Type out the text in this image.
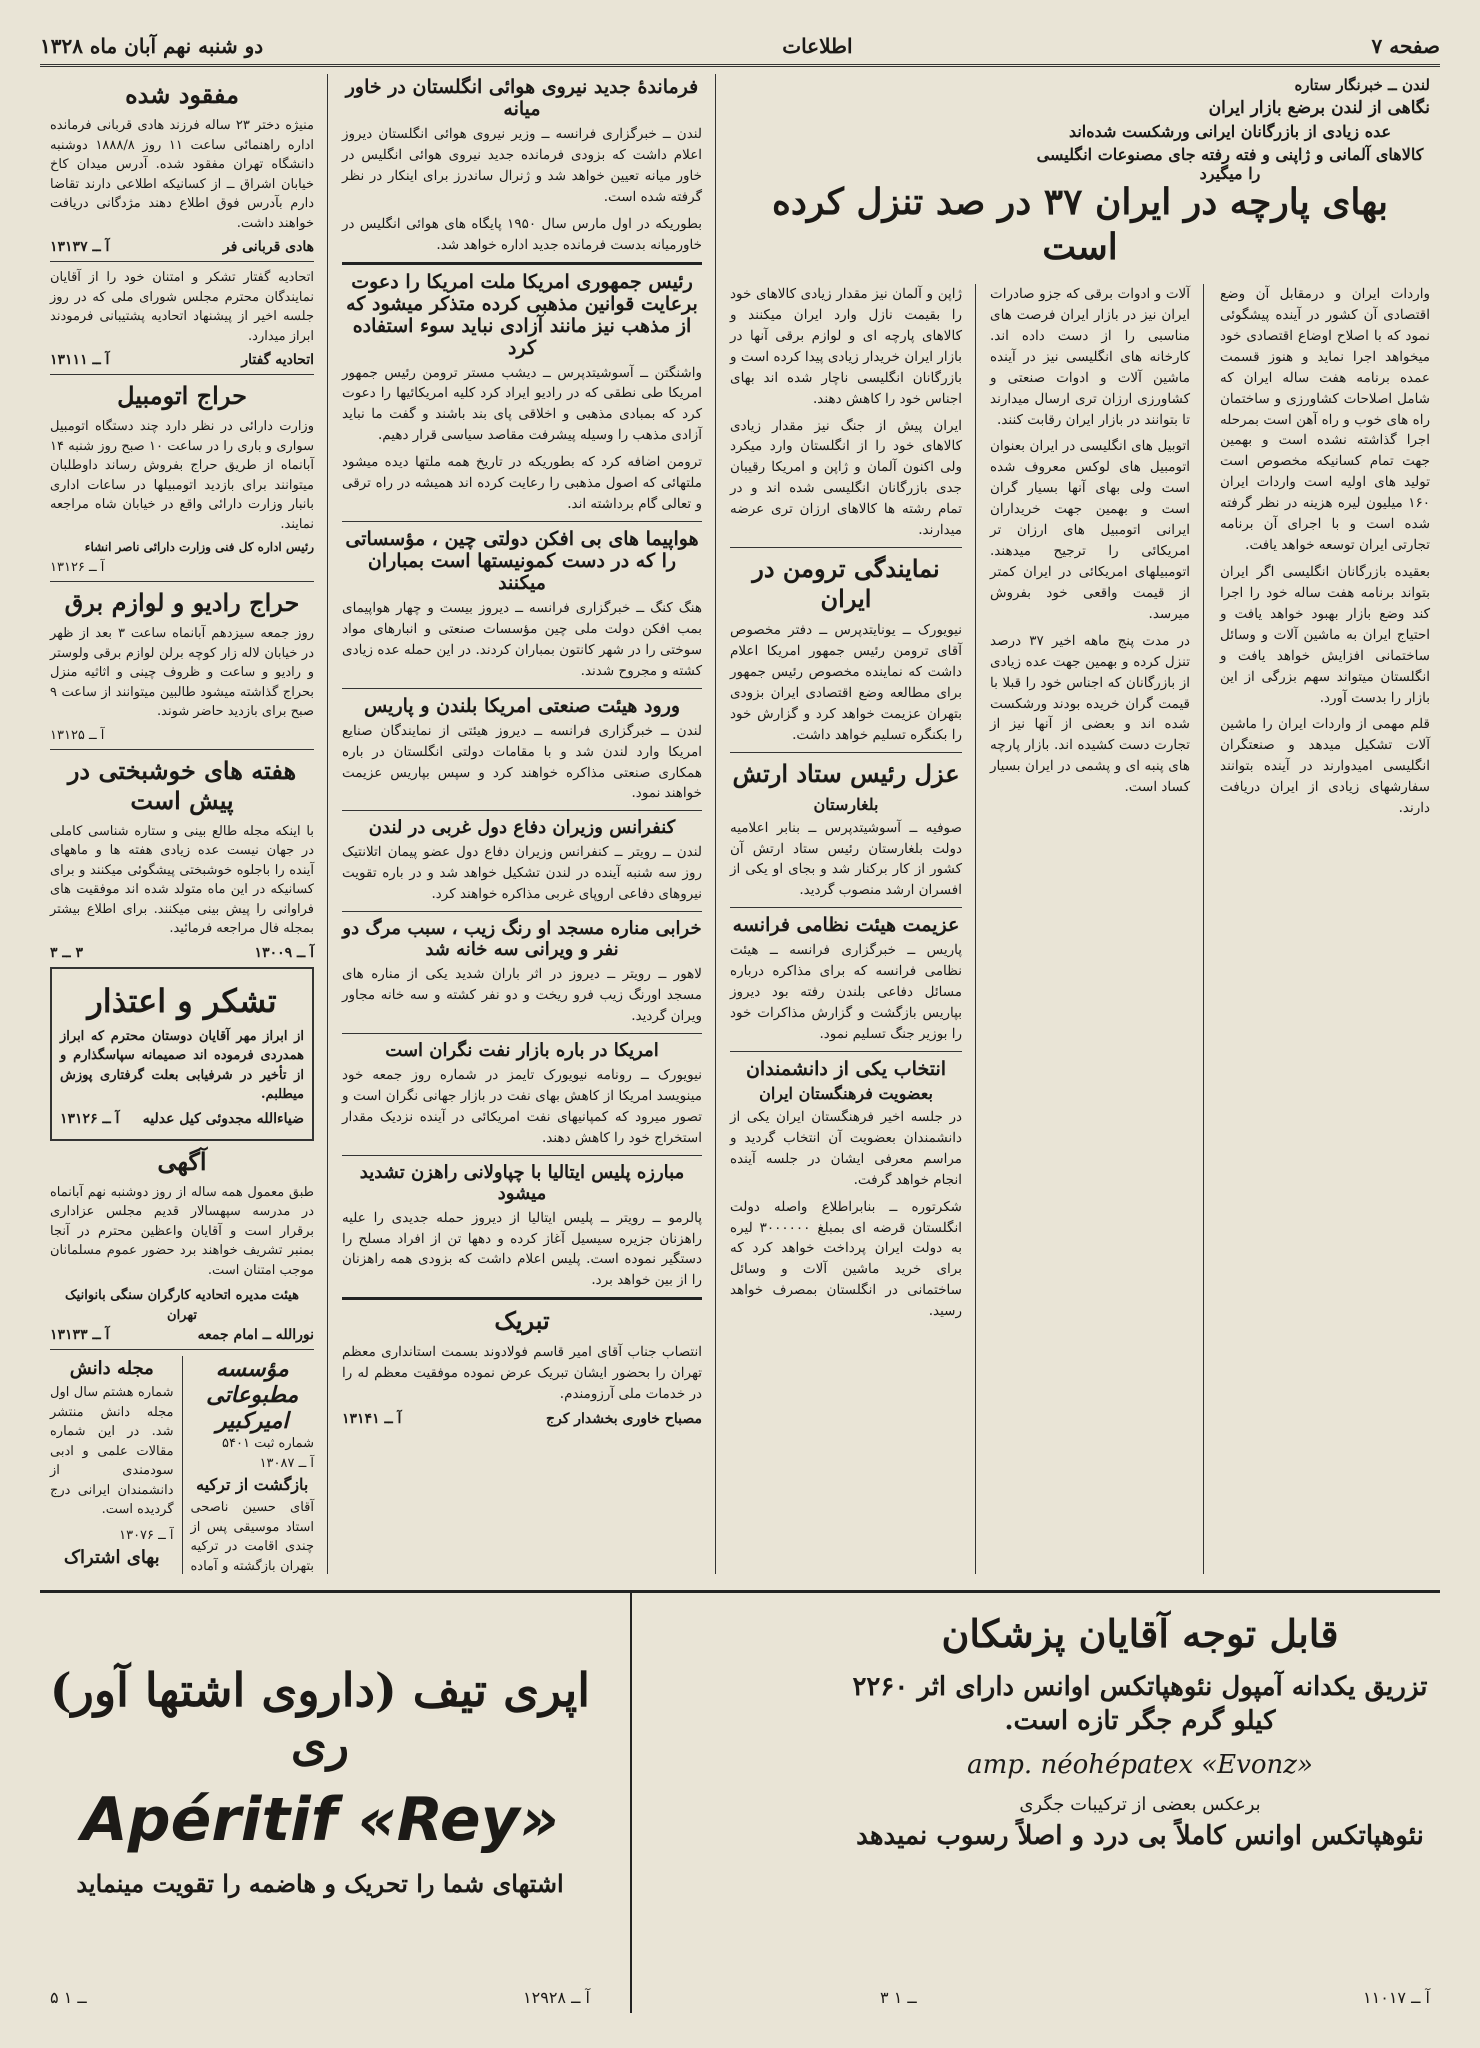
صفحه ۷
اطلاعات
دو شنبه نهم آبان ماه ۱۳۲۸
لندن ــ خبرنگار ستاره
نگاهی از لندن برضع بازار ایران
عده زیادی از بازرگانان ایرانی ورشکست شده‌اند
کالاهای آلمانی و ژاپنی و فته رفته جای مصنوعات انگلیسی را میگیرد
بهای پارچه در ایران ۳۷ در صد تنزل کرده است

واردات ایران و درمقابل آن وضع اقتصادی آن کشور در آینده پیشگوئی نمود که با اصلاح اوضاع اقتصادی خود میخواهد اجرا نماید و هنوز قسمت عمده برنامه هفت ساله ایران که شامل اصلاحات کشاورزی و ساختمان راه های خوب و راه آهن است بمرحله اجرا گذاشته نشده است و بهمین جهت تمام کسانیکه مخصوص است تولید های اولیه است واردات ایران ۱۶۰ میلیون لیره هزینه در نظر گرفته شده است و با اجرای آن برنامه تجارتی ایران توسعه خواهد یافت.

بعقیده بازرگانان انگلیسی اگر ایران بتواند برنامه هفت ساله خود را اجرا کند وضع بازار بهبود خواهد یافت و احتیاج ایران به ماشین آلات و وسائل ساختمانی افزایش خواهد یافت و انگلستان میتواند سهم بزرگی از این بازار را بدست آورد.

قلم مهمی از واردات ایران را ماشین آلات تشکیل میدهد و صنعتگران انگلیسی امیدوارند در آینده بتوانند سفارشهای زیادی از ایران دریافت دارند.

آلات و ادوات برقی که جزو صادرات ایران نیز در بازار ایران فرصت های مناسبی را از دست داده اند. کارخانه های انگلیسی نیز در آینده ماشین آلات و ادوات صنعتی و کشاورزی ارزان تری ارسال میدارند تا بتوانند در بازار ایران رقابت کنند.

اتوبیل های انگلیسی در ایران بعنوان اتومبیل های لوکس معروف شده است ولی بهای آنها بسیار گران است و بهمین جهت خریداران ایرانی اتومبیل های ارزان تر امریکائی را ترجیح میدهند. اتومبیلهای امریکائی در ایران کمتر از قیمت واقعی خود بفروش میرسد.

در مدت پنج ماهه اخیر ۳۷ درصد تنزل کرده و بهمین جهت عده زیادی از بازرگانان که اجناس خود را قبلا با قیمت گران خریده بودند ورشکست شده اند و بعضی از آنها نیز از تجارت دست کشیده اند. بازار پارچه های پنبه ای و پشمی در ایران بسیار کساد است.

ژاپن و آلمان نیز مقدار زیادی کالاهای خود را بقیمت نازل وارد ایران میکنند و کالاهای پارچه ای و لوازم برقی آنها در بازار ایران خریدار زیادی پیدا کرده است و بازرگانان انگلیسی ناچار شده اند بهای اجناس خود را کاهش دهند.

ایران پیش از جنگ نیز مقدار زیادی کالاهای خود را از انگلستان وارد میکرد ولی اکنون آلمان و ژاپن و امریکا رقیبان جدی بازرگانان انگلیسی شده اند و در تمام رشته ها کالاهای ارزان تری عرضه میدارند.

نمایندگی ترومن در ایران

نیویورک ــ یونایتدپرس ــ دفتر مخصوص آقای ترومن رئیس جمهور امریکا اعلام داشت که نماینده مخصوص رئیس جمهور برای مطالعه وضع اقتصادی ایران بزودی بتهران عزیمت خواهد کرد و گزارش خود را بکنگره تسلیم خواهد داشت.

عزل رئیس ستاد ارتش
بلغارستان

صوفیه ــ آسوشیتدپرس ــ بنابر اعلامیه دولت بلغارستان رئیس ستاد ارتش آن کشور از کار برکنار شد و بجای او یکی از افسران ارشد منصوب گردید.

عزیمت هیئت نظامی فرانسه

پاریس ــ خبرگزاری فرانسه ــ هیئت نظامی فرانسه که برای مذاکره درباره مسائل دفاعی بلندن رفته بود دیروز بپاریس بازگشت و گزارش مذاکرات خود را بوزیر جنگ تسلیم نمود.

انتخاب یکی از دانشمندان
بعضویت فرهنگستان ایران

در جلسه اخیر فرهنگستان ایران یکی از دانشمندان بعضویت آن انتخاب گردید و مراسم معرفی ایشان در جلسه آینده انجام خواهد گرفت.

شکرتوره ــ بنابراطلاع واصله دولت انگلستان قرضه ای بمبلغ ۳۰۰۰۰۰۰ لیره به دولت ایران پرداخت خواهد کرد که برای خرید ماشین آلات و وسائل ساختمانی در انگلستان بمصرف خواهد رسید.

فرماندهٔ جدید نیروی هوائی انگلستان در خاور میانه

لندن ــ خبرگزاری فرانسه ــ وزیر نیروی هوائی انگلستان دیروز اعلام داشت که بزودی فرمانده جدید نیروی هوائی انگلیس در خاور میانه تعیین خواهد شد و ژنرال ساندرز برای اینکار در نظر گرفته شده است.

بطوریکه در اول مارس سال ۱۹۵۰ پایگاه های هوائی انگلیس در خاورمیانه بدست فرمانده جدید اداره خواهد شد.

رئیس جمهوری امریکا ملت امریکا را دعوت برعایت قوانین مذهبی کرده متذکر میشود که از مذهب نیز مانند آزادی نباید سوء استفاده کرد

واشنگتن ــ آسوشیتدپرس ــ دیشب مستر ترومن رئیس جمهور امریکا طی نطقی که در رادیو ایراد کرد کلیه امریکائیها را دعوت کرد که بمبادی مذهبی و اخلاقی پای بند باشند و گفت ما نباید آزادی مذهب را وسیله پیشرفت مقاصد سیاسی قرار دهیم.

ترومن اضافه کرد که بطوریکه در تاریخ همه ملتها دیده میشود ملتهائی که اصول مذهبی را رعایت کرده اند همیشه در راه ترقی و تعالی گام برداشته اند.

هواپیما های بی افکن دولتی چین ، مؤسساتی را که در دست کمونیستها است بمباران میکنند

هنگ کنگ ــ خبرگزاری فرانسه ــ دیروز بیست و چهار هواپیمای بمب افکن دولت ملی چین مؤسسات صنعتی و انبارهای مواد سوختی را در شهر کانتون بمباران کردند. در این حمله عده زیادی کشته و مجروح شدند.

ورود هیئت صنعتی امریکا بلندن و پاریس

لندن ــ خبرگزاری فرانسه ــ دیروز هیئتی از نمایندگان صنایع امریکا وارد لندن شد و با مقامات دولتی انگلستان در باره همکاری صنعتی مذاکره خواهند کرد و سپس بپاریس عزیمت خواهند نمود.

کنفرانس وزیران دفاع دول غربی در لندن

لندن ــ رویتر ــ کنفرانس وزیران دفاع دول عضو پیمان اتلانتیک روز سه شنبه آینده در لندن تشکیل خواهد شد و در باره تقویت نیروهای دفاعی اروپای غربی مذاکره خواهند کرد.

خرابی مناره مسجد او رنگ زیب ، سبب مرگ دو نفر و ویرانی سه خانه شد

لاهور ــ رویتر ــ دیروز در اثر باران شدید یکی از مناره های مسجد اورنگ زیب فرو ریخت و دو نفر کشته و سه خانه مجاور ویران گردید.

امریکا در باره بازار نفت نگران است

نیویورک ــ رونامه نیویورک تایمز در شماره روز جمعه خود مینویسد امریکا از کاهش بهای نفت در بازار جهانی نگران است و تصور میرود که کمپانیهای نفت امریکائی در آینده نزدیک مقدار استخراج خود را کاهش دهند.

مبارزه پلیس ایتالیا با چپاولانی راهزن تشدید میشود

پالرمو ــ رویتر ــ پلیس ایتالیا از دیروز حمله جدیدی را علیه راهزنان جزیره سیسیل آغاز کرده و دهها تن از افراد مسلح را دستگیر نموده است. پلیس اعلام داشت که بزودی همه راهزنان را از بین خواهد برد.

تبریک

انتصاب جناب آقای امیر قاسم فولادوند بسمت استانداری معظم تهران را بحضور ایشان تبریک عرض نموده موفقیت معظم له را در خدمات ملی آرزومندم.

مصباح خاوری بخشدار کرج
آ ــ ۱۳۱۴۱
مفقود شده

منیژه دختر ۲۳ ساله فرزند هادی قربانی فرمانده اداره راهنمائی ساعت ۱۱ روز ۱۸۸۸/۸ دوشنبه دانشگاه تهران مفقود شده. آدرس میدان کاخ خیابان اشراق ــ از کسانیکه اطلاعی دارند تقاضا دارم بآدرس فوق اطلاع دهند مژدگانی دریافت خواهند داشت.

هادی قربانی فر
آ ــ ۱۳۱۳۷

اتحادیه گفتار تشکر و امتنان خود را از آقایان نمایندگان محترم مجلس شورای ملی که در روز جلسه اخیر از پیشنهاد اتحادیه پشتیبانی فرمودند ابراز میدارد.

اتحادیه گفتار
آ ــ ۱۳۱۱۱
حراج اتومبیل

وزارت دارائی در نظر دارد چند دستگاه اتومبیل سواری و باری را در ساعت ۱۰ صبح روز شنبه ۱۴ آبانماه از طریق حراج بفروش رساند داوطلبان میتوانند برای بازدید اتومبیلها در ساعات اداری بانبار وزارت دارائی واقع در خیابان شاه مراجعه نمایند.

رئیس اداره کل فنی وزارت دارائی ناصر انشاء
آ ــ ۱۳۱۲۶
حراج رادیو و لوازم برق

روز جمعه سیزدهم آبانماه ساعت ۳ بعد از ظهر در خیابان لاله زار کوچه برلن لوازم برقی ولوستر و رادیو و ساعت و ظروف چینی و اثاثیه منزل بحراج گذاشته میشود طالبین میتوانند از ساعت ۹ صبح برای بازدید حاضر شوند.

آ ــ ۱۳۱۲۵
هفته های خوشبختی در پیش است

با اینکه مجله طالع بینی و ستاره شناسی کاملی در جهان نیست عده زیادی هفته ها و ماههای آینده را باجلوه خوشبختی پیشگوئی میکنند و برای کسانیکه در این ماه متولد شده اند موفقیت های فراوانی را پیش بینی میکنند. برای اطلاع بیشتر بمجله فال مراجعه فرمائید.

آ ــ ۱۳۰۰۹
۳ ــ ۳
تشکر و اعتذار

از ابراز مهر آقایان دوستان محترم که ابراز همدردی فرموده اند صمیمانه سپاسگذارم و از تأخیر در شرفیابی بعلت گرفتاری پوزش میطلبم.

ضیاءالله مجدوئی کیل عدلیه
آ ــ ۱۳۱۲۶
آگهی

طبق معمول همه ساله از روز دوشنبه نهم آبانماه در مدرسه سپهسالار قدیم مجلس عزاداری برقرار است و آقایان واعظین محترم در آنجا بمنبر تشریف خواهند برد حضور عموم مسلمانان موجب امتنان است.

هیئت مدیره اتحادیه کارگران سنگی بانوانیک تهران
نورالله ــ امام جمعه
آ ــ ۱۳۱۳۳
مؤسسه مطبوعاتی امیرکبیر
شماره ثبت ۵۴۰۱
آ ــ ۱۳۰۸۷
بازگشت از ترکیه

آقای حسین ناصحی استاد موسیقی پس از چندی اقامت در ترکیه بتهران بازگشته و آماده

مجله دانش

شماره هشتم سال اول مجله دانش منتشر شد. در این شماره مقالات علمی و ادبی سودمندی از دانشمندان ایرانی درج گردیده است.

آ ــ ۱۳۰۷۶
بهای اشتراک
قابل توجه آقایان پزشکان
تزریق یکدانه آمپول نئوهپاتکس اوانس دارای اثر ۲۲۶۰
کیلو گرم جگر تازه است.
amp. néohépatex «Evonz»
برعکس بعضی از ترکیبات جگری
نئوهپاتکس اوانس کاملاً بی درد و اصلاً رسوب نمیدهد
آ ــ ۱۱۰۱۷
۳ ــ ۱
اپری تیف (داروی اشتها آور) ری
Apéritif «Rey»
اشتهای شما را تحریک و هاضمه را تقویت مینماید
آ ــ ۱۲۹۲۸
۵ ــ ۱
